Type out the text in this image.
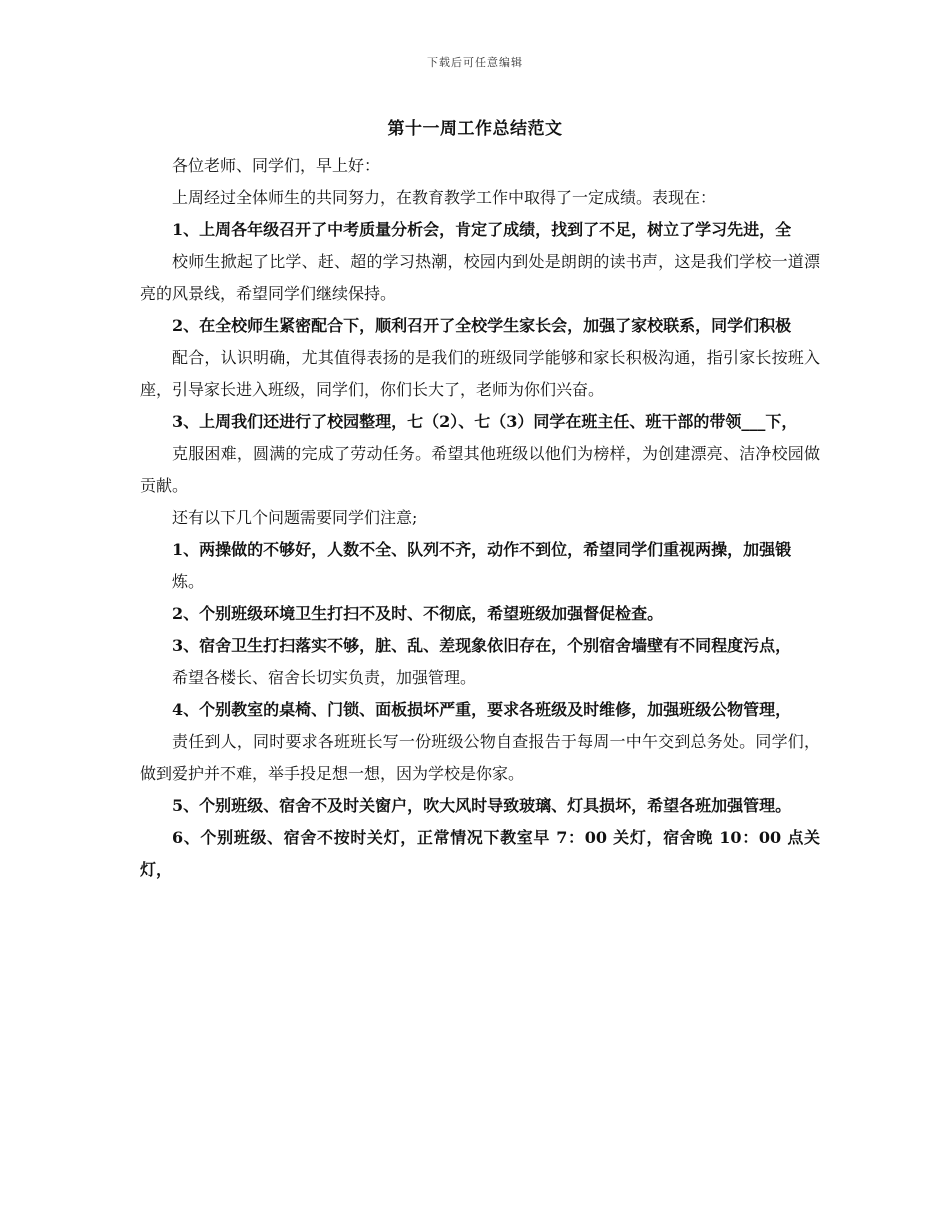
下载后可任意编辑
第十一周工作总结范文

各位老师、同学们，早上好：

上周经过全体师生的共同努力，在教育教学工作中取得了一定成绩。表现在：

1、上周各年级召开了中考质量分析会，肯定了成绩，找到了不足，树立了学习先进，全

校师生掀起了比学、赶、超的学习热潮，校园内到处是朗朗的读书声，这是我们学校一道漂亮的风景线，希望同学们继续保持。

2、在全校师生紧密配合下，顺利召开了全校学生家长会，加强了家校联系，同学们积极

配合，认识明确，尤其值得表扬的是我们的班级同学能够和家长积极沟通，指引家长按班入座，引导家长进入班级，同学们，你们长大了，老师为你们兴奋。

3、上周我们还进行了校园整理，七（2）、七（3）同学在班主任、班干部的带领___下，

克服困难，圆满的完成了劳动任务。希望其他班级以他们为榜样，为创建漂亮、洁净校园做贡献。

还有以下几个问题需要同学们注意;

1、两操做的不够好，人数不全、队列不齐，动作不到位，希望同学们重视两操，加强锻

炼。

2、个别班级环境卫生打扫不及时、不彻底，希望班级加强督促检查。

3、宿舍卫生打扫落实不够，脏、乱、差现象依旧存在，个别宿舍墙壁有不同程度污点，

希望各楼长、宿舍长切实负责，加强管理。

4、个别教室的桌椅、门锁、面板损坏严重，要求各班级及时维修，加强班级公物管理，

责任到人，同时要求各班班长写一份班级公物自查报告于每周一中午交到总务处。同学们，做到爱护并不难，举手投足想一想，因为学校是你家。

5、个别班级、宿舍不及时关窗户，吹大风时导致玻璃、灯具损坏，希望各班加强管理。

6、个别班级、宿舍不按时关灯，正常情况下教室早 7：00 关灯，宿舍晚 10：00 点关灯，
